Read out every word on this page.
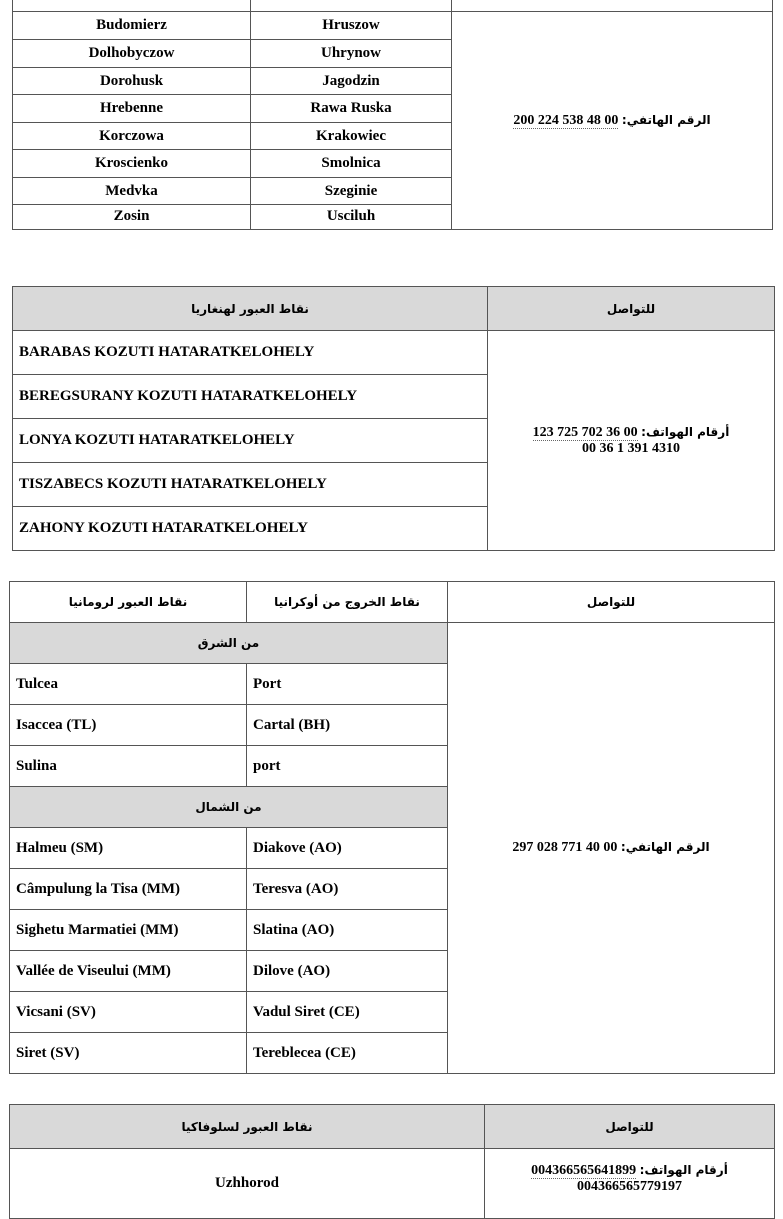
Budomierz	Hruszow	الرقم الهاتفي: 00 48 538 224 200

Dolhobyczow	Uhrynow	
Dorohusk	Jagodzin	
Hrebenne	Rawa Ruska	
Korczowa	Krakowiec	
Kroscienko	Smolnica	
Medvka	Szeginie	
Zosin	Usciluh	
نقاط العبور لهنغاريا	للتواصل
BARABAS KOZUTI HATARATKELOHELY	أرقام الهواتف: 00 36 702 725 123
00 36 1 391 4310

BEREGSURANY KOZUTI HATARATKELOHELY	
LONYA KOZUTI HATARATKELOHELY	
TISZABECS KOZUTI HATARATKELOHELY	
ZAHONY KOZUTI HATARATKELOHELY	
نقاط العبور لرومانيا	نقاط الخروج من أوكرانيا	للتواصل
من الشرق		الرقم الهاتفي: 00 40 771 028 297

Tulcea	Port	
Isaccea (TL)	Cartal (BH)	
Sulina	port	
من الشمال		
Halmeu (SM)	Diakove (AO)	
Câmpulung la Tisa (MM)	Teresva (AO)	
Sighetu Marmatiei (MM)	Slatina (AO)	
Vallée de Viseului (MM)	Dilove (AO)	
Vicsani (SV)	Vadul Siret (CE)	
Siret (SV)	Tereblecea (CE)	
نقاط العبور لسلوفاكيا	للتواصل
Uzhhorod	أرقام الهواتف: 004366565641899
004366565779197
